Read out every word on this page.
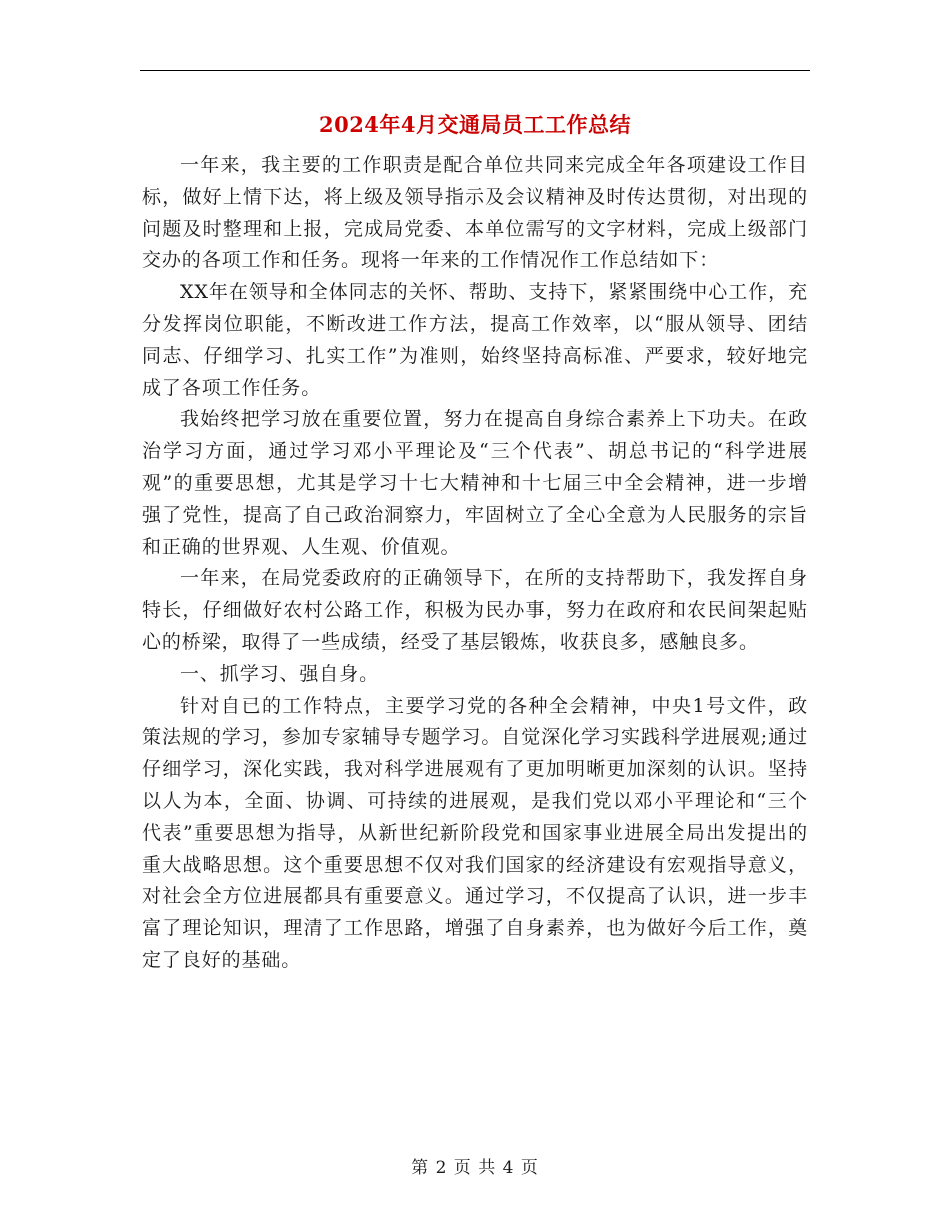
2024年4月交通局员工工作总结

一年来，我主要的工作职责是配合单位共同来完成全年各项建设工作目标，做好上情下达，将上级及领导指示及会议精神及时传达贯彻，对出现的问题及时整理和上报，完成局党委、本单位需写的文字材料，完成上级部门交办的各项工作和任务。现将一年来的工作情况作工作总结如下：

XX年在领导和全体同志的关怀、帮助、支持下，紧紧围绕中心工作，充分发挥岗位职能，不断改进工作方法，提高工作效率，以“服从领导、团结同志、仔细学习、扎实工作”为准则，始终坚持高标准、严要求，较好地完成了各项工作任务。

我始终把学习放在重要位置，努力在提高自身综合素养上下功夫。在政治学习方面，通过学习邓小平理论及“三个代表”、胡总书记的“科学进展观”的重要思想，尤其是学习十七大精神和十七届三中全会精神，进一步增强了党性，提高了自己政治洞察力，牢固树立了全心全意为人民服务的宗旨和正确的世界观、人生观、价值观。

一年来，在局党委政府的正确领导下，在所的支持帮助下，我发挥自身特长，仔细做好农村公路工作，积极为民办事，努力在政府和农民间架起贴心的桥梁，取得了一些成绩，经受了基层锻炼，收获良多，感触良多。

一、抓学习、强自身。

针对自已的工作特点，主要学习党的各种全会精神，中央1号文件，政策法规的学习，参加专家辅导专题学习。自觉深化学习实践科学进展观;通过仔细学习，深化实践，我对科学进展观有了更加明晰更加深刻的认识。坚持以人为本，全面、协调、可持续的进展观，是我们党以邓小平理论和“三个代表”重要思想为指导，从新世纪新阶段党和国家事业进展全局出发提出的重大战略思想。这个重要思想不仅对我们国家的经济建设有宏观指导意义，对社会全方位进展都具有重要意义。通过学习，不仅提高了认识，进一步丰富了理论知识，理清了工作思路，增强了自身素养，也为做好今后工作，奠定了良好的基础。

第 2 页 共 4 页
